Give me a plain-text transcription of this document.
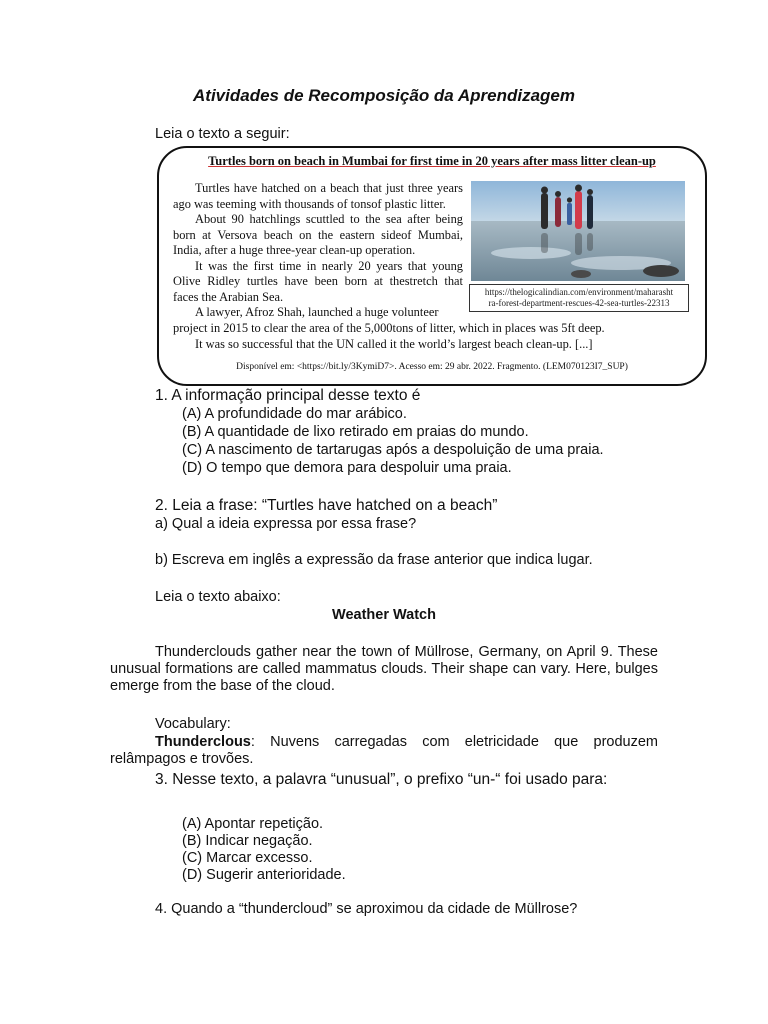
Atividades de Recomposição da Aprendizagem
Leia o texto a seguir:
Turtles born on beach in Mumbai for first time in 20 years after mass litter clean-up

Turtles have hatched on a beach that just three years ago was teeming with thousands of tonsof plastic litter.

About 90 hatchlings scuttled to the sea after being born at Versova beach on the eastern sideof Mumbai, India, after a huge three-year clean-up operation.

It was the first time in nearly 20 years that young Olive Ridley turtles have been born at thestretch that faces the Arabian Sea.

A lawyer, Afroz Shah, launched a huge volunteer

https://thelogicalindian.com/environment/maharasht
ra-forest-department-rescues-42-sea-turtles-22313
project in 2015 to clear the area of the 5,000tons of litter, which in places was 5ft deep.

It was so successful that the UN called it the world’s largest beach clean-up. [...]

Disponível em: <https://bit.ly/3KymiD7>. Acesso em: 29 abr. 2022. Fragmento. (LEM070123I7_SUP)
1. A informação principal desse texto é
(A) A profundidade do mar arábico.
(B) A quantidade de lixo retirado em praias do mundo.
(C) A nascimento de tartarugas após a despoluição de uma praia.
(D) O tempo que demora para despoluir uma praia.
2. Leia a frase: “Turtles have hatched on a beach”
a) Qual a ideia expressa por essa frase?
b) Escreva em inglês a expressão da frase anterior que indica lugar.
Leia o texto abaixo:
Weather Watch
Thunderclouds gather near the town of Müllrose, Germany, on April 9. These unusual formations are called mammatus clouds. Their shape can vary. Here, bulges emerge from the base of the cloud.
Vocabulary:
Thunderclous: Nuvens carregadas com eletricidade que produzem relâmpagos e trovões.
3. Nesse texto, a palavra “unusual”, o prefixo “un-“ foi usado para:
(A) Apontar repetição.
(B) Indicar negação.
(C) Marcar excesso.
(D) Sugerir anterioridade.
4. Quando a “thundercloud” se aproximou da cidade de Müllrose?
